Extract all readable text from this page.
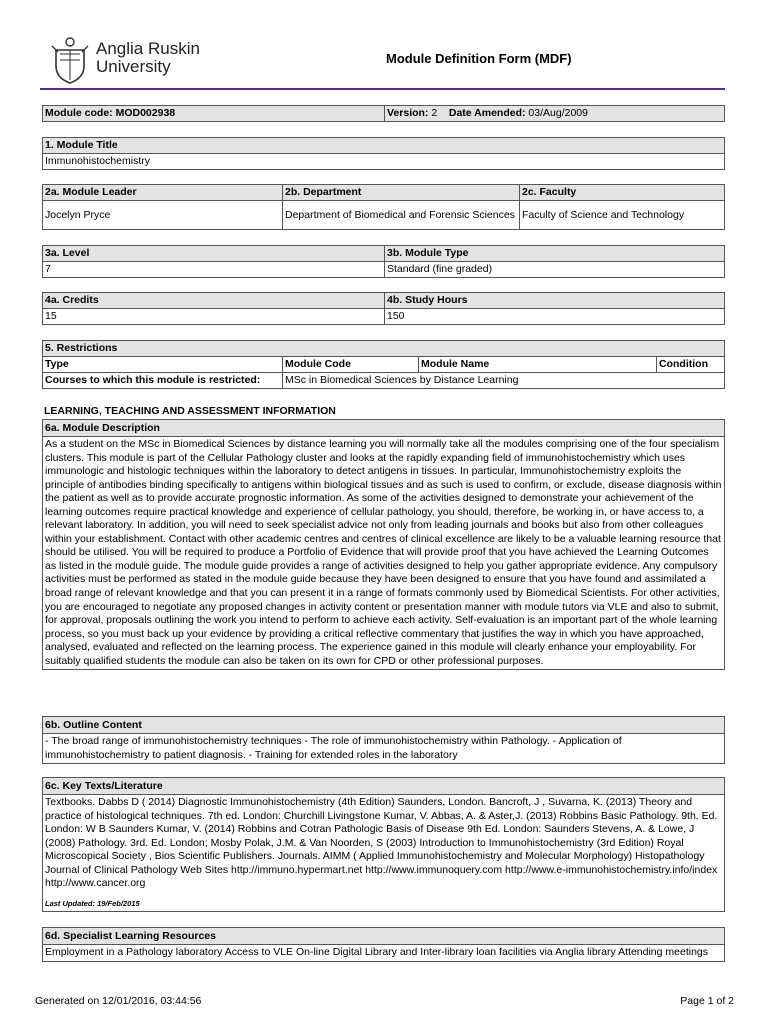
Anglia Ruskin
University	Module Definition Form (MDF)
Module code: MOD002938	Version: 2 Date Amended: 03/Aug/2009
1. Module Title
Immunohistochemistry
2a. Module Leader	2b. Department	2c. Faculty
Jocelyn Pryce	Department of Biomedical and Forensic Sciences	Faculty of Science and Technology
3a. Level	3b. Module Type
7	Standard (fine graded)
4a. Credits	4b. Study Hours
15	150
5. Restrictions			
Type	Module Code	Module Name	Condition
Courses to which this module is restricted:	MSc in Biomedical Sciences by Distance Learning		
LEARNING, TEACHING AND ASSESSMENT INFORMATION
6a. Module Description
As a student on the MSc in Biomedical Sciences by distance learning you will normally take all the modules comprising one of the four specialism clusters. This module is part of the Cellular Pathology cluster and looks at the rapidly expanding field of immunohistochemistry which uses immunologic and histologic techniques within the laboratory to detect antigens in tissues. In particular, Immunohistochemistry exploits the principle of antibodies binding specifically to antigens within biological tissues and as such is used to confirm, or exclude, disease diagnosis within the patient as well as to provide accurate prognostic information. As some of the activities designed to demonstrate your achievement of the learning outcomes require practical knowledge and experience of cellular pathology, you should, therefore, be working in, or have access to, a relevant laboratory. In addition, you will need to seek specialist advice not only from leading journals and books but also from other colleagues within your establishment. Contact with other academic centres and centres of clinical excellence are likely to be a valuable learning resource that should be utilised. You will be required to produce a Portfolio of Evidence that will provide proof that you have achieved the Learning Outcomes as listed in the module guide. The module guide provides a range of activities designed to help you gather appropriate evidence. Any compulsory activities must be performed as stated in the module guide because they have been designed to ensure that you have found and assimilated a broad range of relevant knowledge and that you can present it in a range of formats commonly used by Biomedical Scientists. For other activities, you are encouraged to negotiate any proposed changes in activity content or presentation manner with module tutors via VLE and also to submit, for approval, proposals outlining the work you intend to perform to achieve each activity. Self-evaluation is an important part of the whole learning process, so you must back up your evidence by providing a critical reflective commentary that justifies the way in which you have approached, analysed, evaluated and reflected on the learning process. The experience gained in this module will clearly enhance your employability. For suitably qualified students the module can also be taken on its own for CPD or other professional purposes.
6b. Outline Content
- The broad range of immunohistochemistry techniques - The role of immunohistochemistry within Pathology. - Application of immunohistochemistry to patient diagnosis. - Training for extended roles in the laboratory
6c. Key Texts/Literature
Textbooks. Dabbs D ( 2014) Diagnostic Immunohistochemistry (4th Edition) Saunders, London. Bancroft, J , Suvarna, K. (2013) Theory and practice of histological techniques. 7th ed. London: Churchill Livingstone Kumar, V. Abbas, A. & Aster,J. (2013) Robbins Basic Pathology. 9th. Ed. London: W B Saunders Kumar, V. (2014) Robbins and Cotran Pathologic Basis of Disease 9th Ed. London: Saunders Stevens, A. & Lowe, J (2008) Pathology. 3rd. Ed. London; Mosby Polak, J.M. & Van Noorden, S (2003) Introduction to Immunohistochemistry (3rd Edition) Royal Microscopical Society , Bios Scientific Publishers. Journals. AIMM ( Applied Immunohistochemistry and Molecular Morphology) Histopathology Journal of Clinical Pathology Web Sites http://immuno.hypermart.net http://www.immunoquery.com http://www.e-immunohistochemistry.info/index http://www.cancer.org
Last Updated: 19/Feb/2015
6d. Specialist Learning Resources
Employment in a Pathology laboratory Access to VLE On-line Digital Library and Inter-library loan facilities via Anglia library Attending meetings
Generated on 12/01/2016, 03:44:56	Page 1 of 2
